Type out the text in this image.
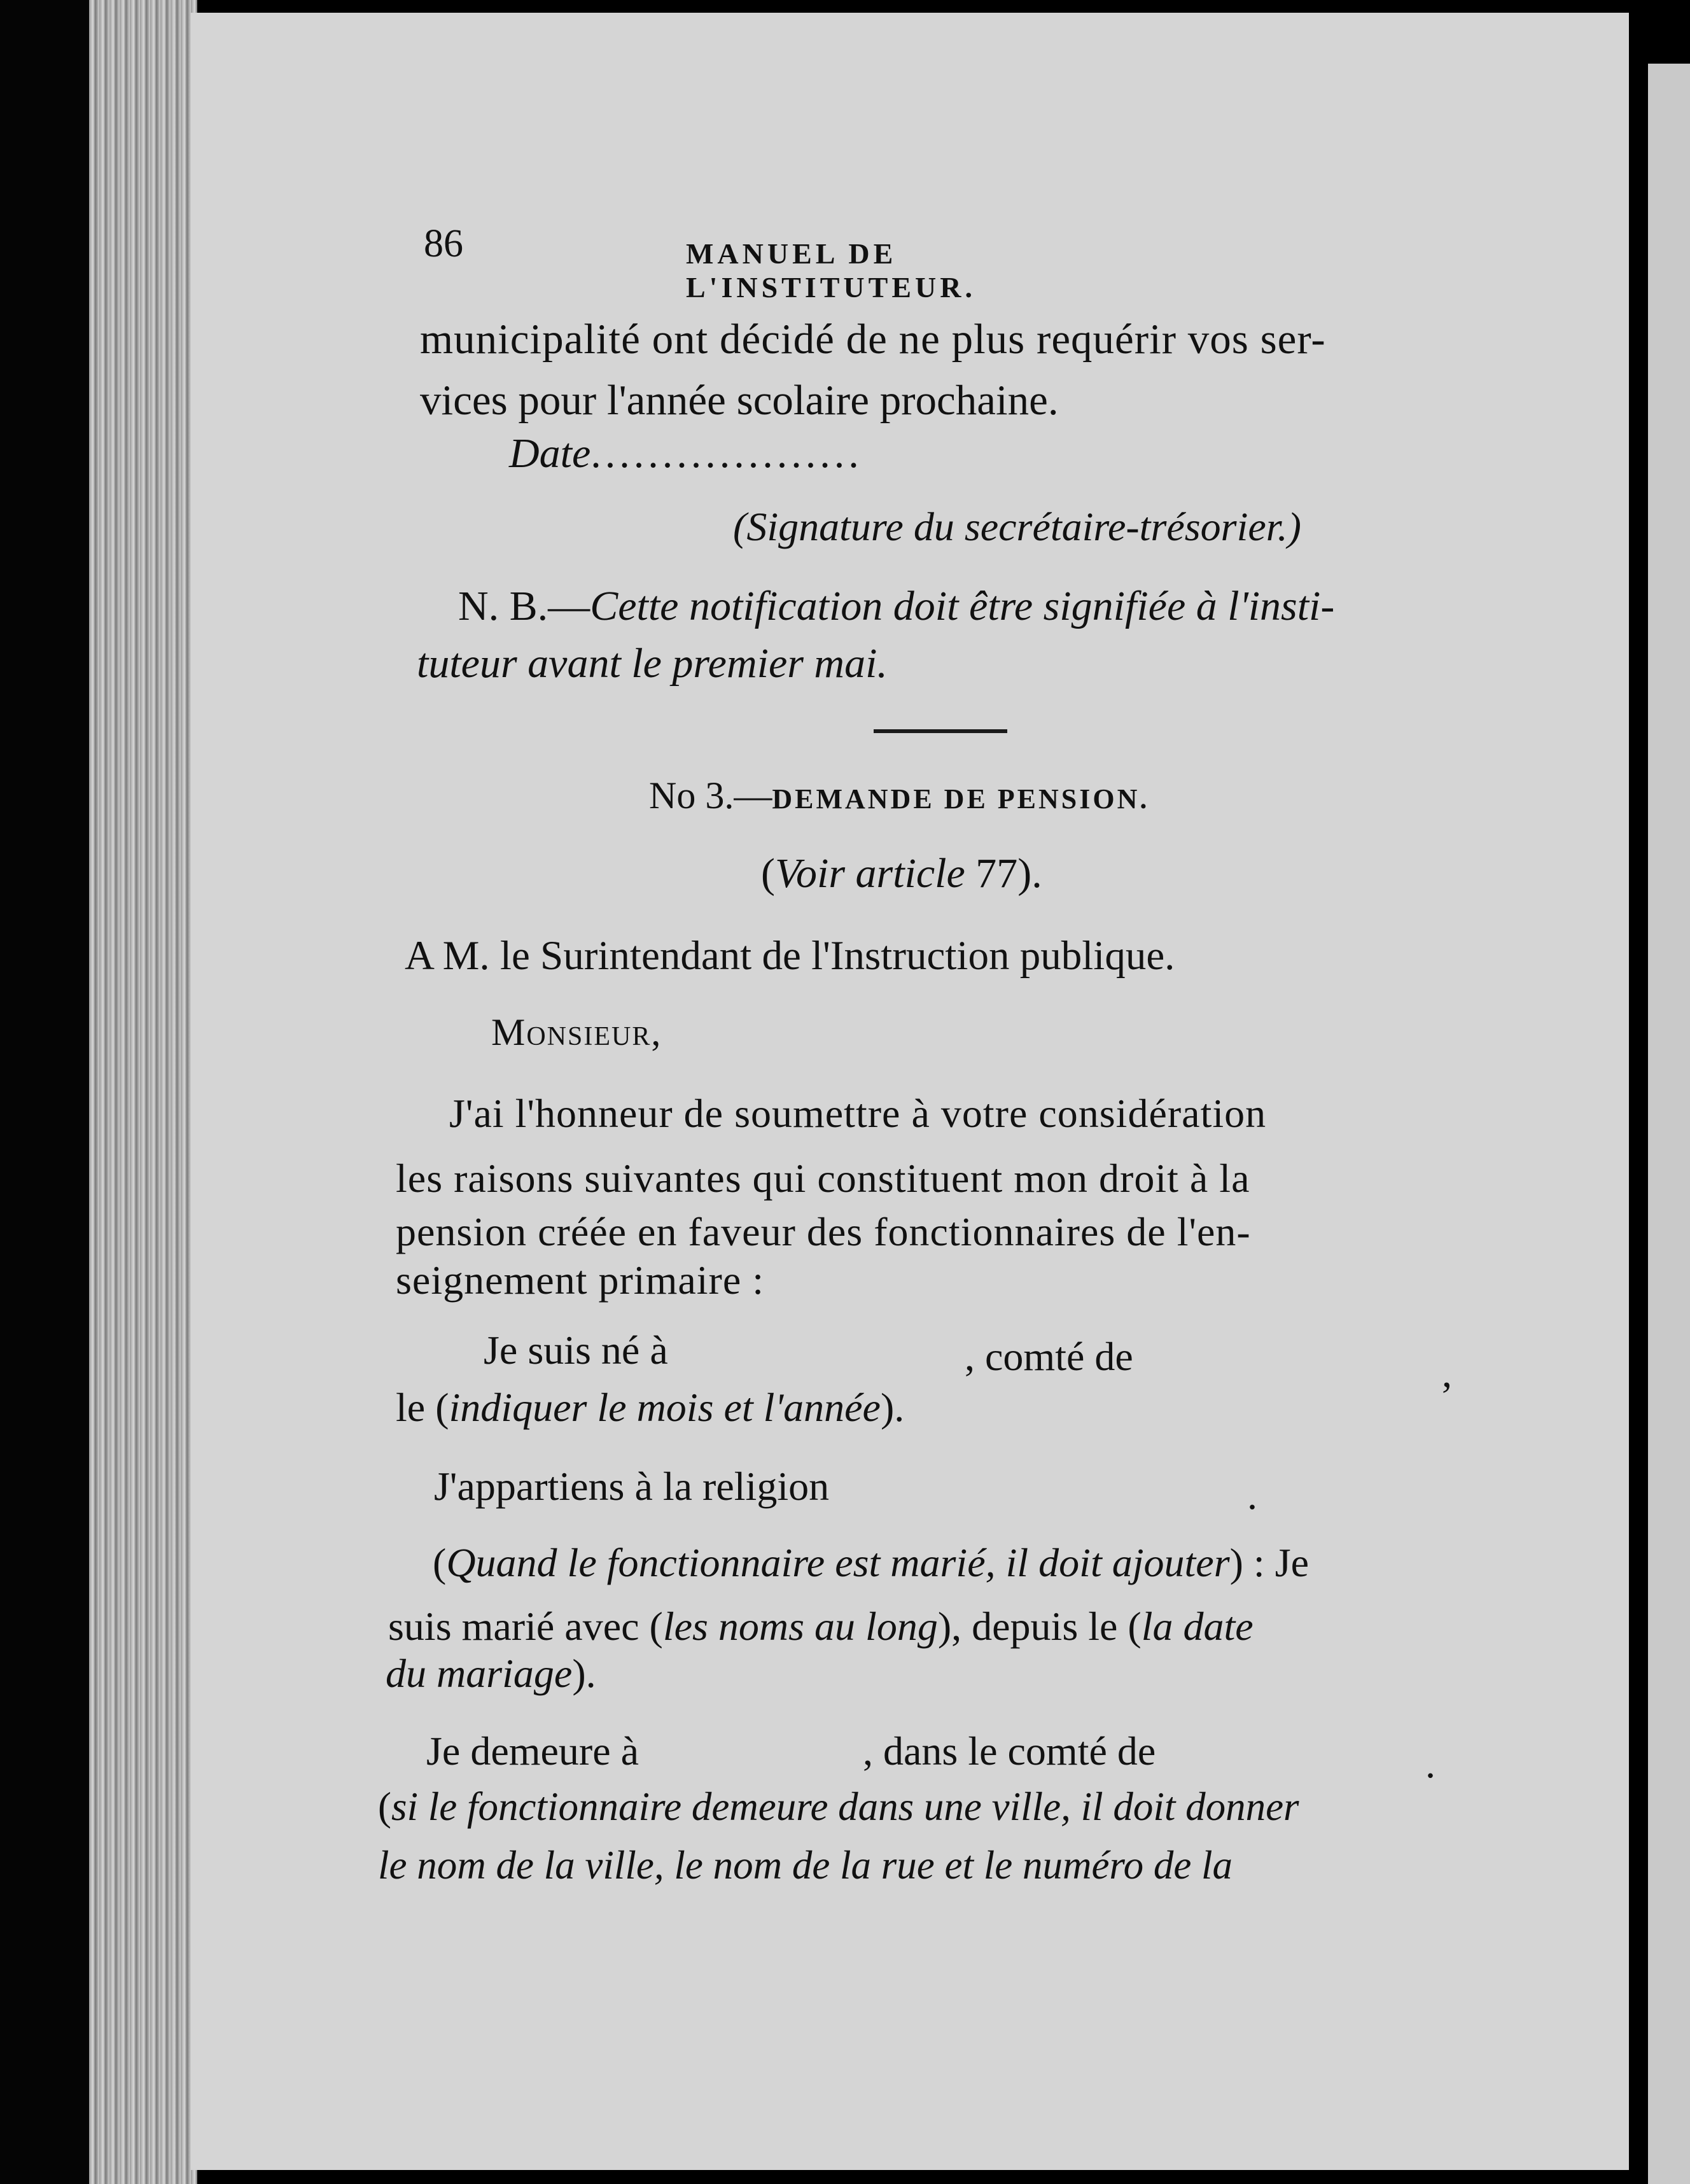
86	MANUEL DE L'INSTITUTEUR.
municipalité ont décidé de ne plus requérir vos ser-
vices pour l'année scolaire prochaine.
Date...................
(Signature du secrétaire-trésorier.)
N. B.—Cette notification doit être signifiée à l'insti-
tuteur avant le premier mai.
No 3.—DEMANDE DE PENSION.
(Voir article 77).
A M. le Surintendant de l'Instruction publique.
Monsieur,
J'ai l'honneur de soumettre à votre considération
les raisons suivantes qui constituent mon droit à la
pension créée en faveur des fonctionnaires de l'en-
seignement primaire :
Je suis né à	, comté de	,
le (indiquer le mois et l'année).
J'appartiens à la religion	.
(Quand le fonctionnaire est marié, il doit ajouter) : Je
suis marié avec (les noms au long), depuis le (la date
du mariage).
Je demeure à	, dans le comté de	.
(si le fonctionnaire demeure dans une ville, il doit donner
le nom de la ville, le nom de la rue et le numéro de la
